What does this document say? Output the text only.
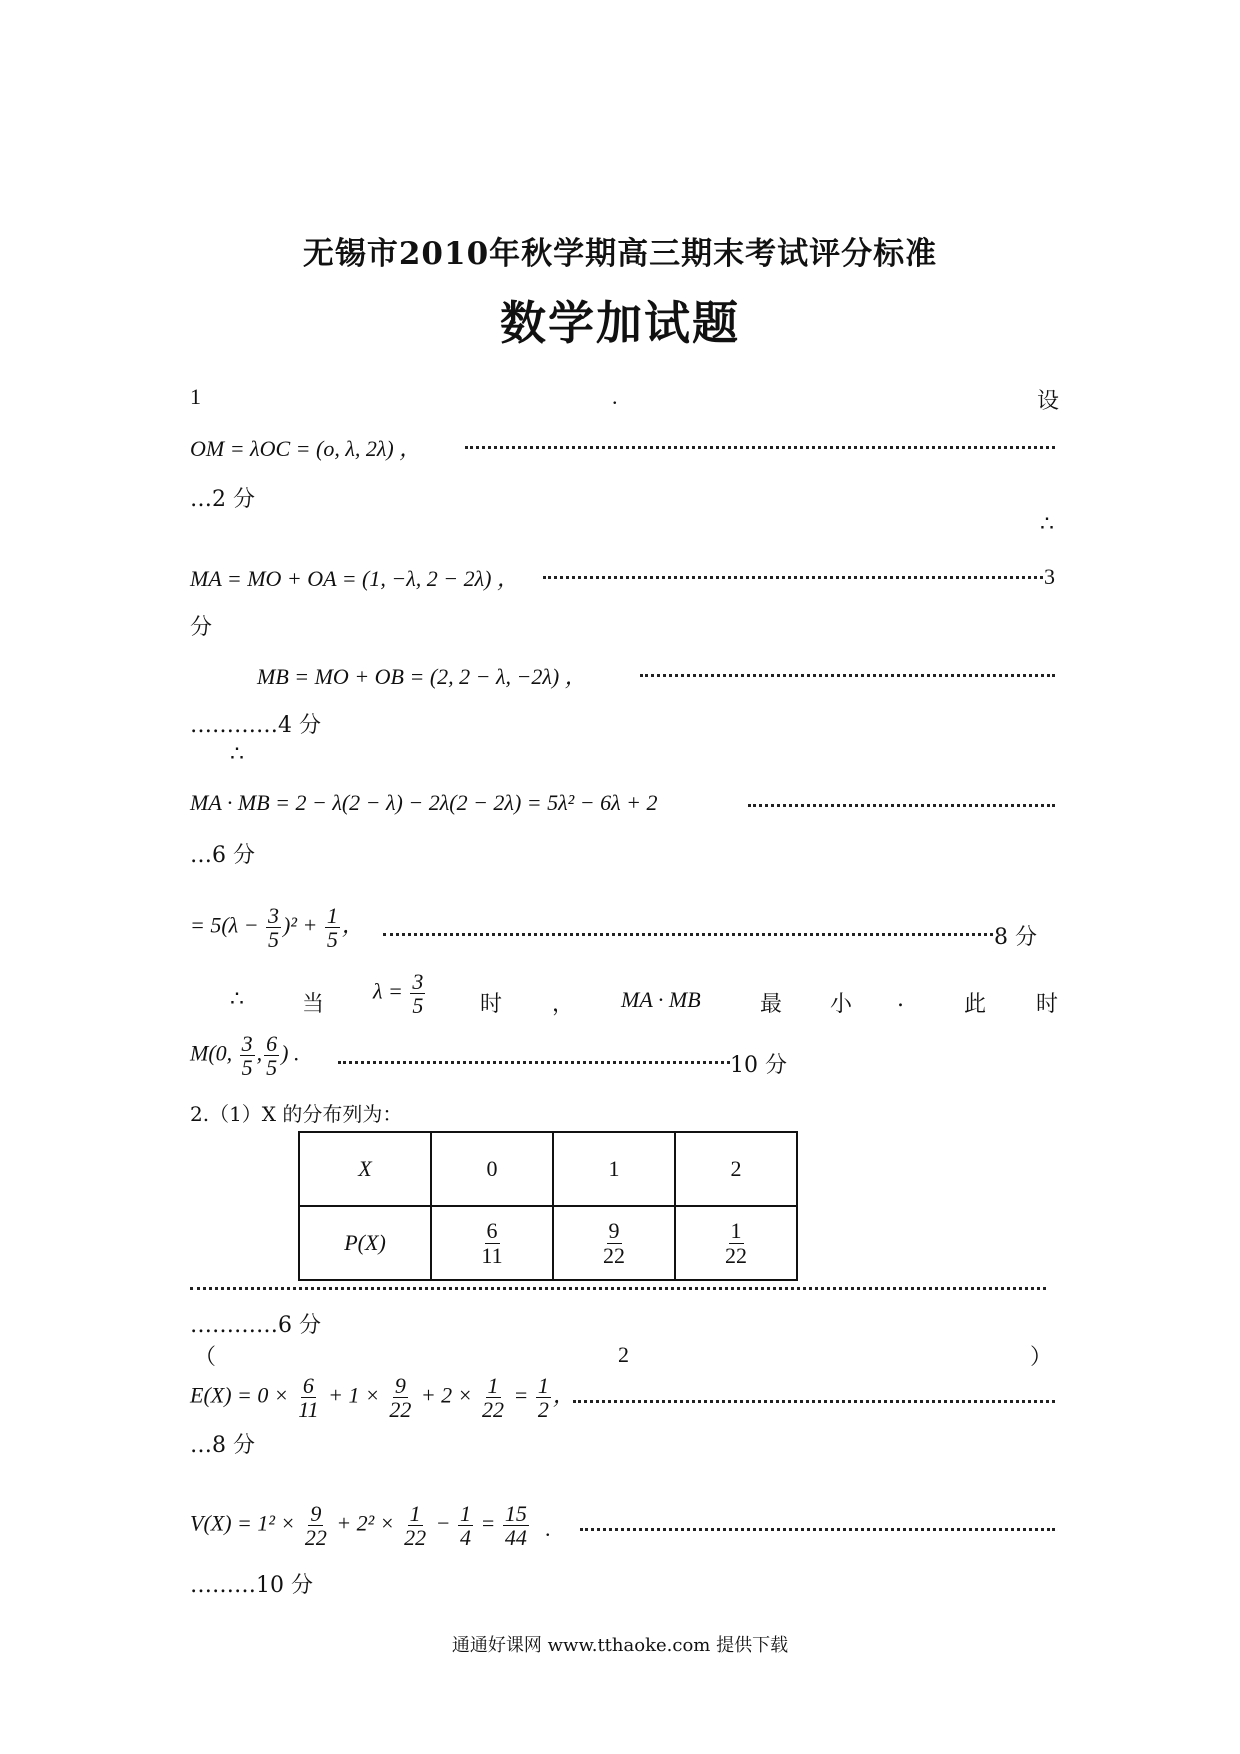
无锡市2010年秋学期高三期末考试评分标准
数学加试题
1	.	设
OM = λOC = (o, λ, 2λ) ，
…2 分
∴
MA = MO + OA = (1, −λ, 2 − 2λ) ，	3
分
MB = MO + OB = (2, 2 − λ, −2λ) ，
…………4 分
∴
MA · MB = 2 − λ(2 − λ) − 2λ(2 − 2λ) = 5λ² − 6λ + 2
…6 分
= $5(\lambda - \frac{3}{5} )^2 + \frac{1}{5}$ ，	8 分
∴	当
$\lambda = \frac{3}{5}$ 时 ， MA · MB	最 小 .	此 时
M(0, $\frac{3}{5}$ , $\frac{6}{5}$ ) .	10 分
2.（1）X 的分布列为：
X	0	1	2
P(X)	$\frac{6}{11}$	$\frac{9}{22}$	$\frac{1}{22}$
…………6 分
（	2	）
$E(X) = 0 \times \frac{6}{11} + 1 \times \frac{9}{22} + 2 \times \frac{1}{22} = \frac{1}{2}$ ，
…8 分
$V(X) = 1^2 \times \frac{9}{22} + 2^2 \times \frac{1}{22} - \frac{1}{4} = \frac{15}{44}$ .
………10 分
通通好课网 www.tthaoke.com 提供下载
